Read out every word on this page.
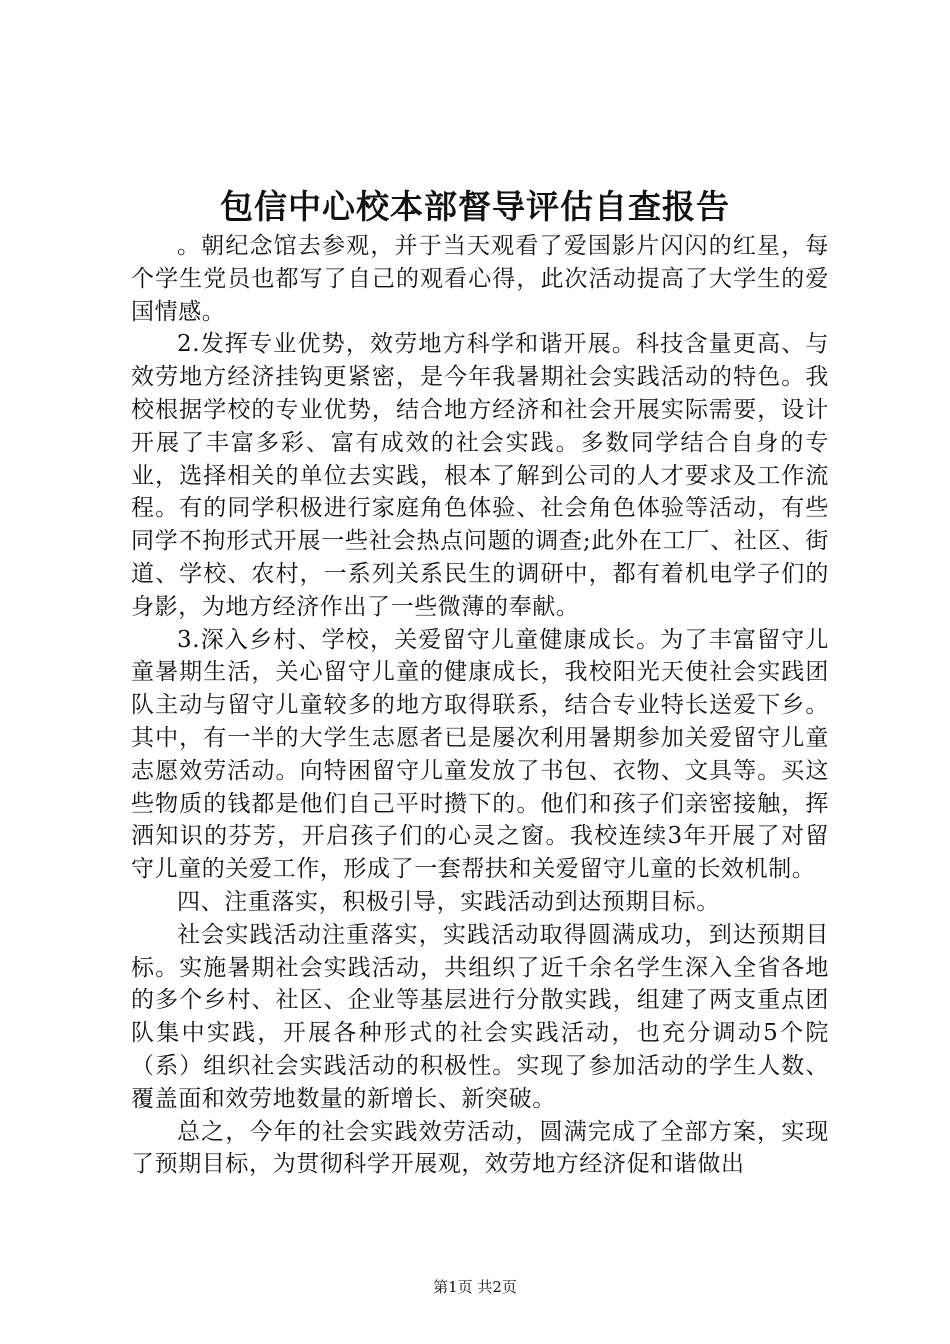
包信中心校本部督导评估自查报告

。朝纪念馆去参观，并于当天观看了爱国影片闪闪的红星，每个学生党员也都写了自己的观看心得，此次活动提高了大学生的爱国情感。

2.发挥专业优势，效劳地方科学和谐开展。科技含量更高、与效劳地方经济挂钩更紧密，是今年我暑期社会实践活动的特色。我校根据学校的专业优势，结合地方经济和社会开展实际需要，设计开展了丰富多彩、富有成效的社会实践。多数同学结合自身的专业，选择相关的单位去实践，根本了解到公司的人才要求及工作流程。有的同学积极进行家庭角色体验、社会角色体验等活动，有些同学不拘形式开展一些社会热点问题的调查;此外在工厂、社区、街道、学校、农村，一系列关系民生的调研中，都有着机电学子们的身影，为地方经济作出了一些微薄的奉献。

3.深入乡村、学校，关爱留守儿童健康成长。为了丰富留守儿童暑期生活，关心留守儿童的健康成长，我校阳光天使社会实践团队主动与留守儿童较多的地方取得联系，结合专业特长送爱下乡。其中，有一半的大学生志愿者已是屡次利用暑期参加关爱留守儿童志愿效劳活动。向特困留守儿童发放了书包、衣物、文具等。买这些物质的钱都是他们自己平时攒下的。他们和孩子们亲密接触，挥洒知识的芬芳，开启孩子们的心灵之窗。我校连续3年开展了对留守儿童的关爱工作，形成了一套帮扶和关爱留守儿童的长效机制。

四、注重落实，积极引导，实践活动到达预期目标。

社会实践活动注重落实，实践活动取得圆满成功，到达预期目标。实施暑期社会实践活动，共组织了近千余名学生深入全省各地的多个乡村、社区、企业等基层进行分散实践，组建了两支重点团队集中实践，开展各种形式的社会实践活动，也充分调动5个院（系）组织社会实践活动的积极性。实现了参加活动的学生人数、覆盖面和效劳地数量的新增长、新突破。

总之，今年的社会实践效劳活动，圆满完成了全部方案，实现了预期目标，为贯彻科学开展观，效劳地方经济促和谐做出

第1页 共2页
